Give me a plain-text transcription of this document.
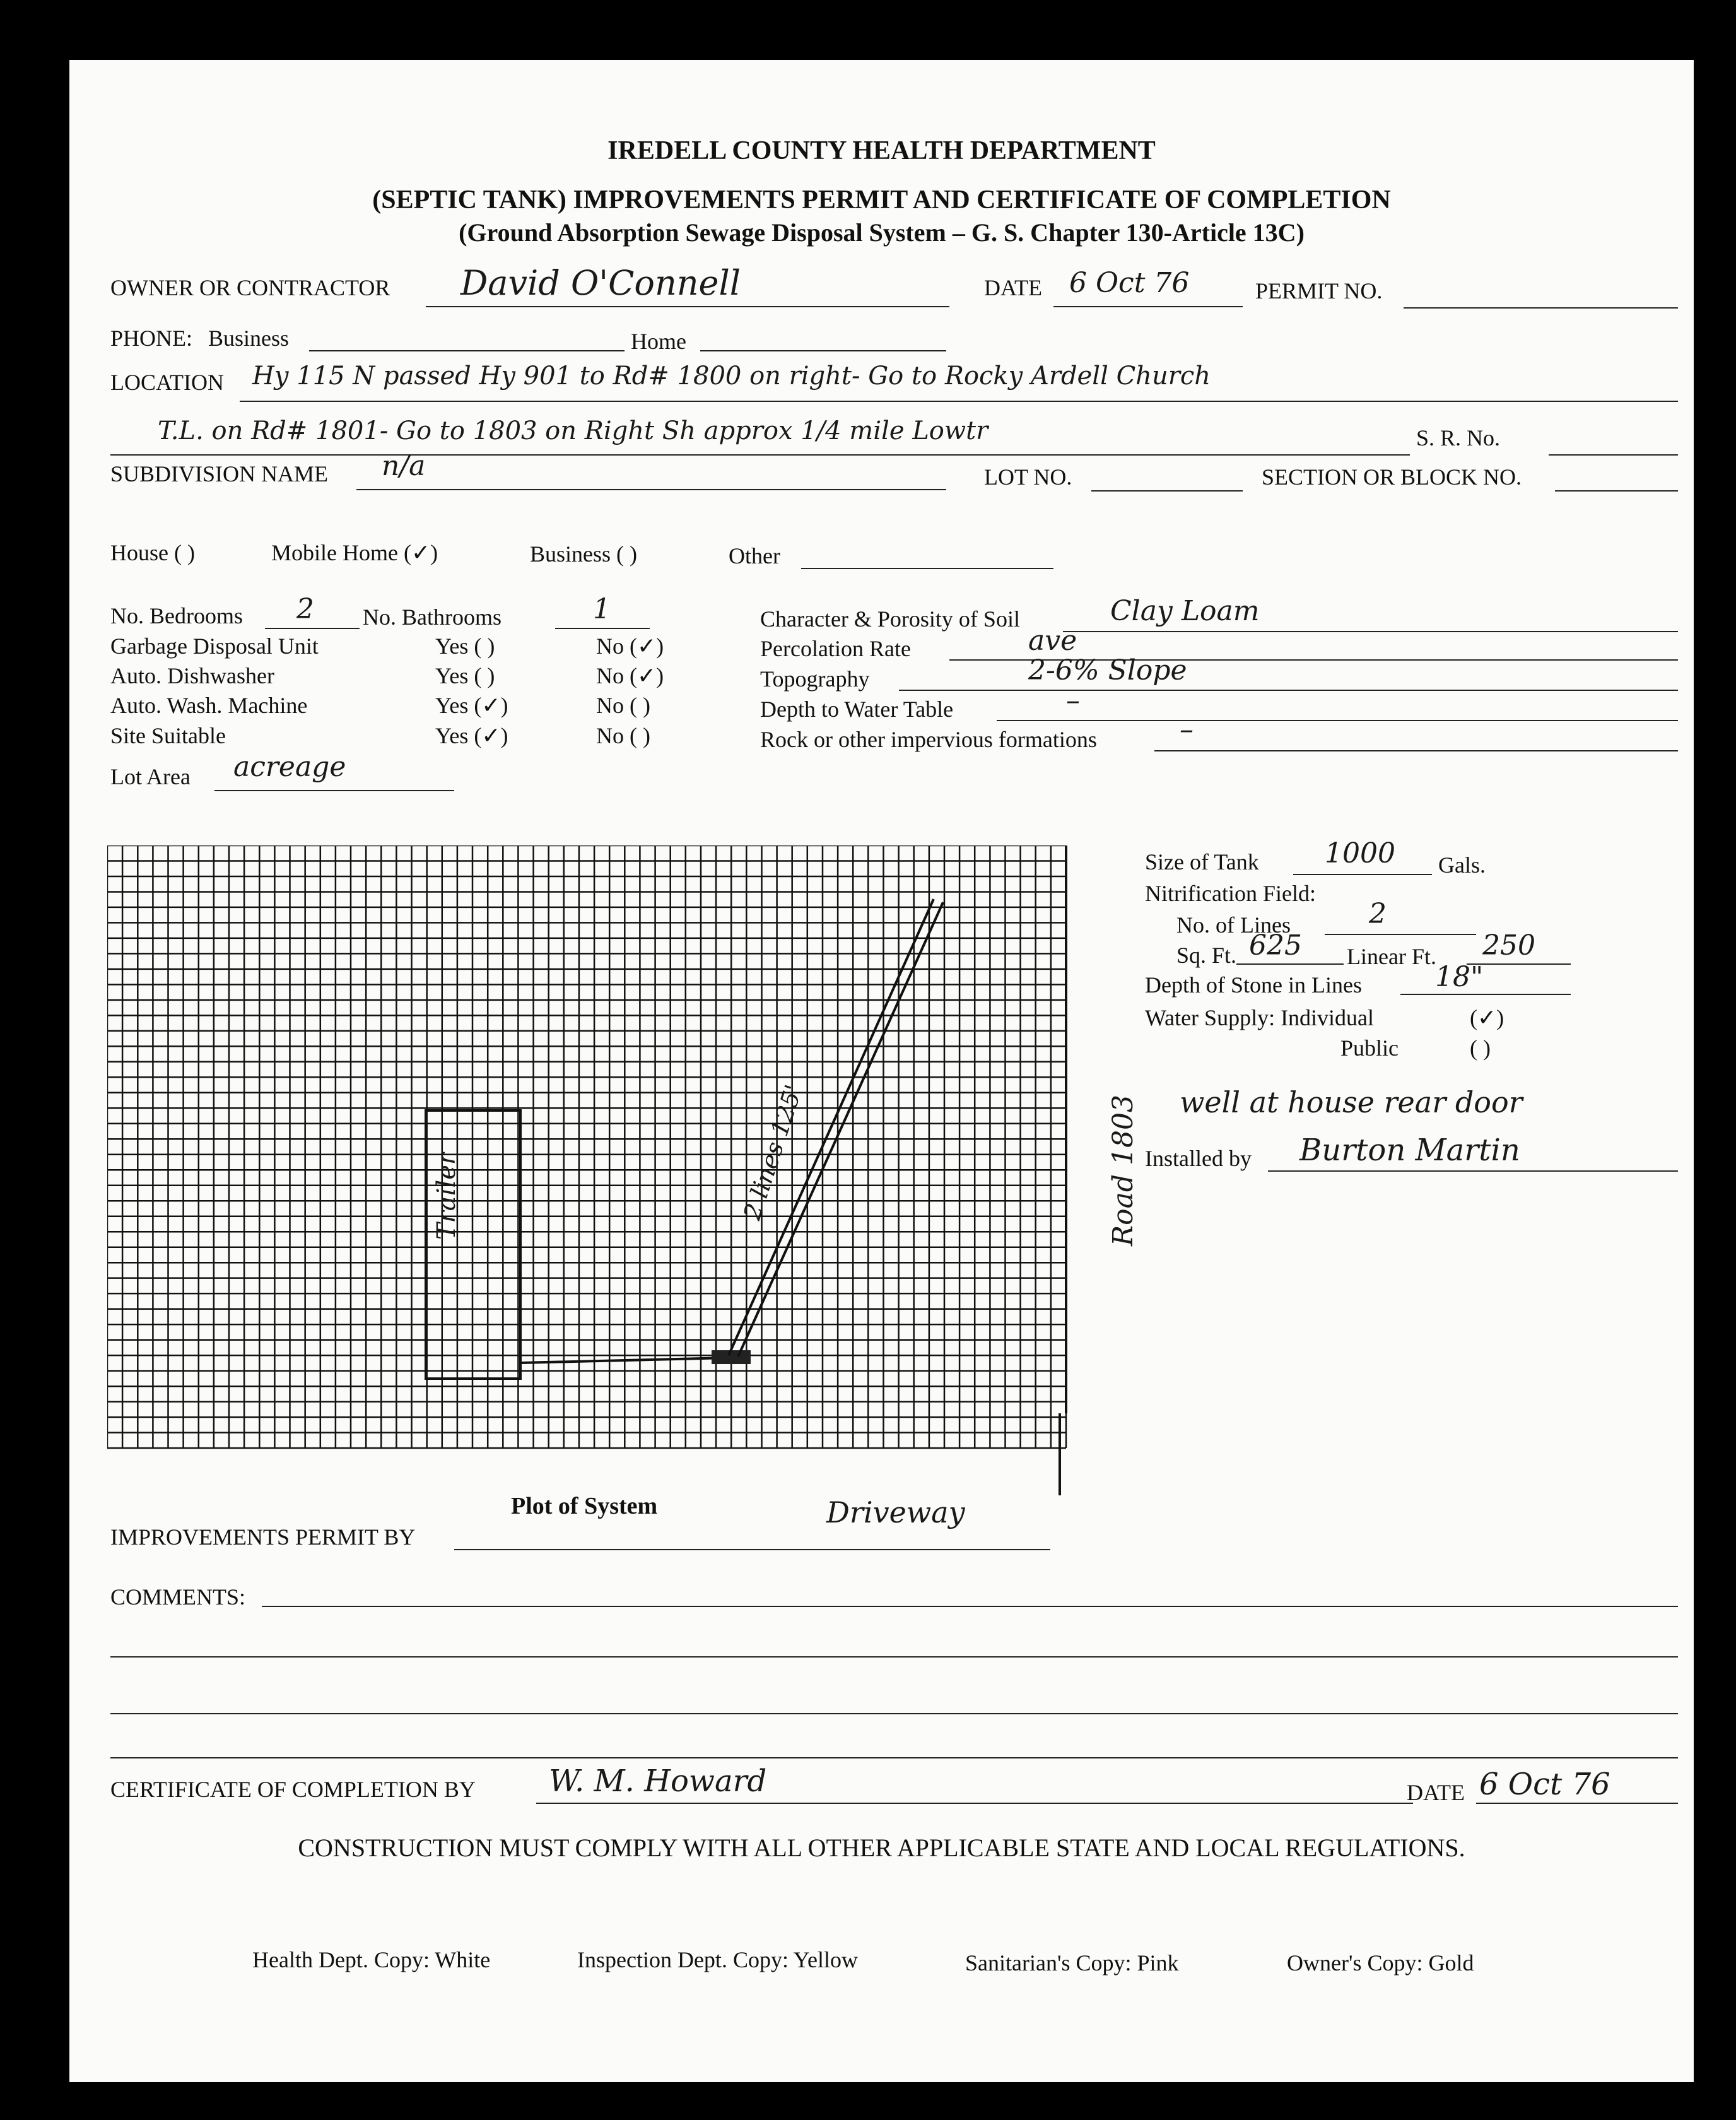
IREDELL COUNTY HEALTH DEPARTMENT
(SEPTIC TANK) IMPROVEMENTS PERMIT AND CERTIFICATE OF COMPLETION
(Ground Absorption Sewage Disposal System – G. S. Chapter 130-Article 13C)
OWNER OR CONTRACTOR David O'Connell	DATE 6 Oct 76	PERMIT NO.
PHONE: Business	Home
LOCATION Hy 115 N passed Hy 901 to Rd# 1800 on right- Go to Rocky Ardell Church
T.L. on Rd# 1801- Go to 1803 on Right Sh approx 1/4 mile Lowtr	S. R. No.
SUBDIVISION NAME n/a	LOT NO.	SECTION OR BLOCK NO.
House ( )	Mobile Home (✓)	Business ( )	Other
No. Bedrooms 2 No. Bathrooms	1
Garbage Disposal Unit	Yes ( )	No (✓)
Auto. Dishwasher	Yes ( )	No (✓)
Auto. Wash. Machine	Yes (✓)	No ( )
Site Suitable	Yes (✓)	No ( )
Lot Area acreage
Character & Porosity of Soil	Clay Loam
Percolation Rate	ave
Topography	2-6% Slope
Depth to Water Table	–
Rock or other impervious formations	–
Trailer	2 lines 125'	Road 1803
Plot of System	Driveway
Size of Tank 1000 Gals.
Nitrification Field:
No. of Lines	2
Sq. Ft. 625 Linear Ft. 250
Depth of Stone in Lines	18"
Water Supply: Individual	(✓)
Public	( )
well at house rear door
Installed by Burton Martin
IMPROVEMENTS PERMIT BY
COMMENTS:
CERTIFICATE OF COMPLETION BY W. M. Howard	DATE 6 Oct 76
CONSTRUCTION MUST COMPLY WITH ALL OTHER APPLICABLE STATE AND LOCAL REGULATIONS.
Health Dept. Copy: White	Inspection Dept. Copy: Yellow	Sanitarian's Copy: Pink	Owner's Copy: Gold
